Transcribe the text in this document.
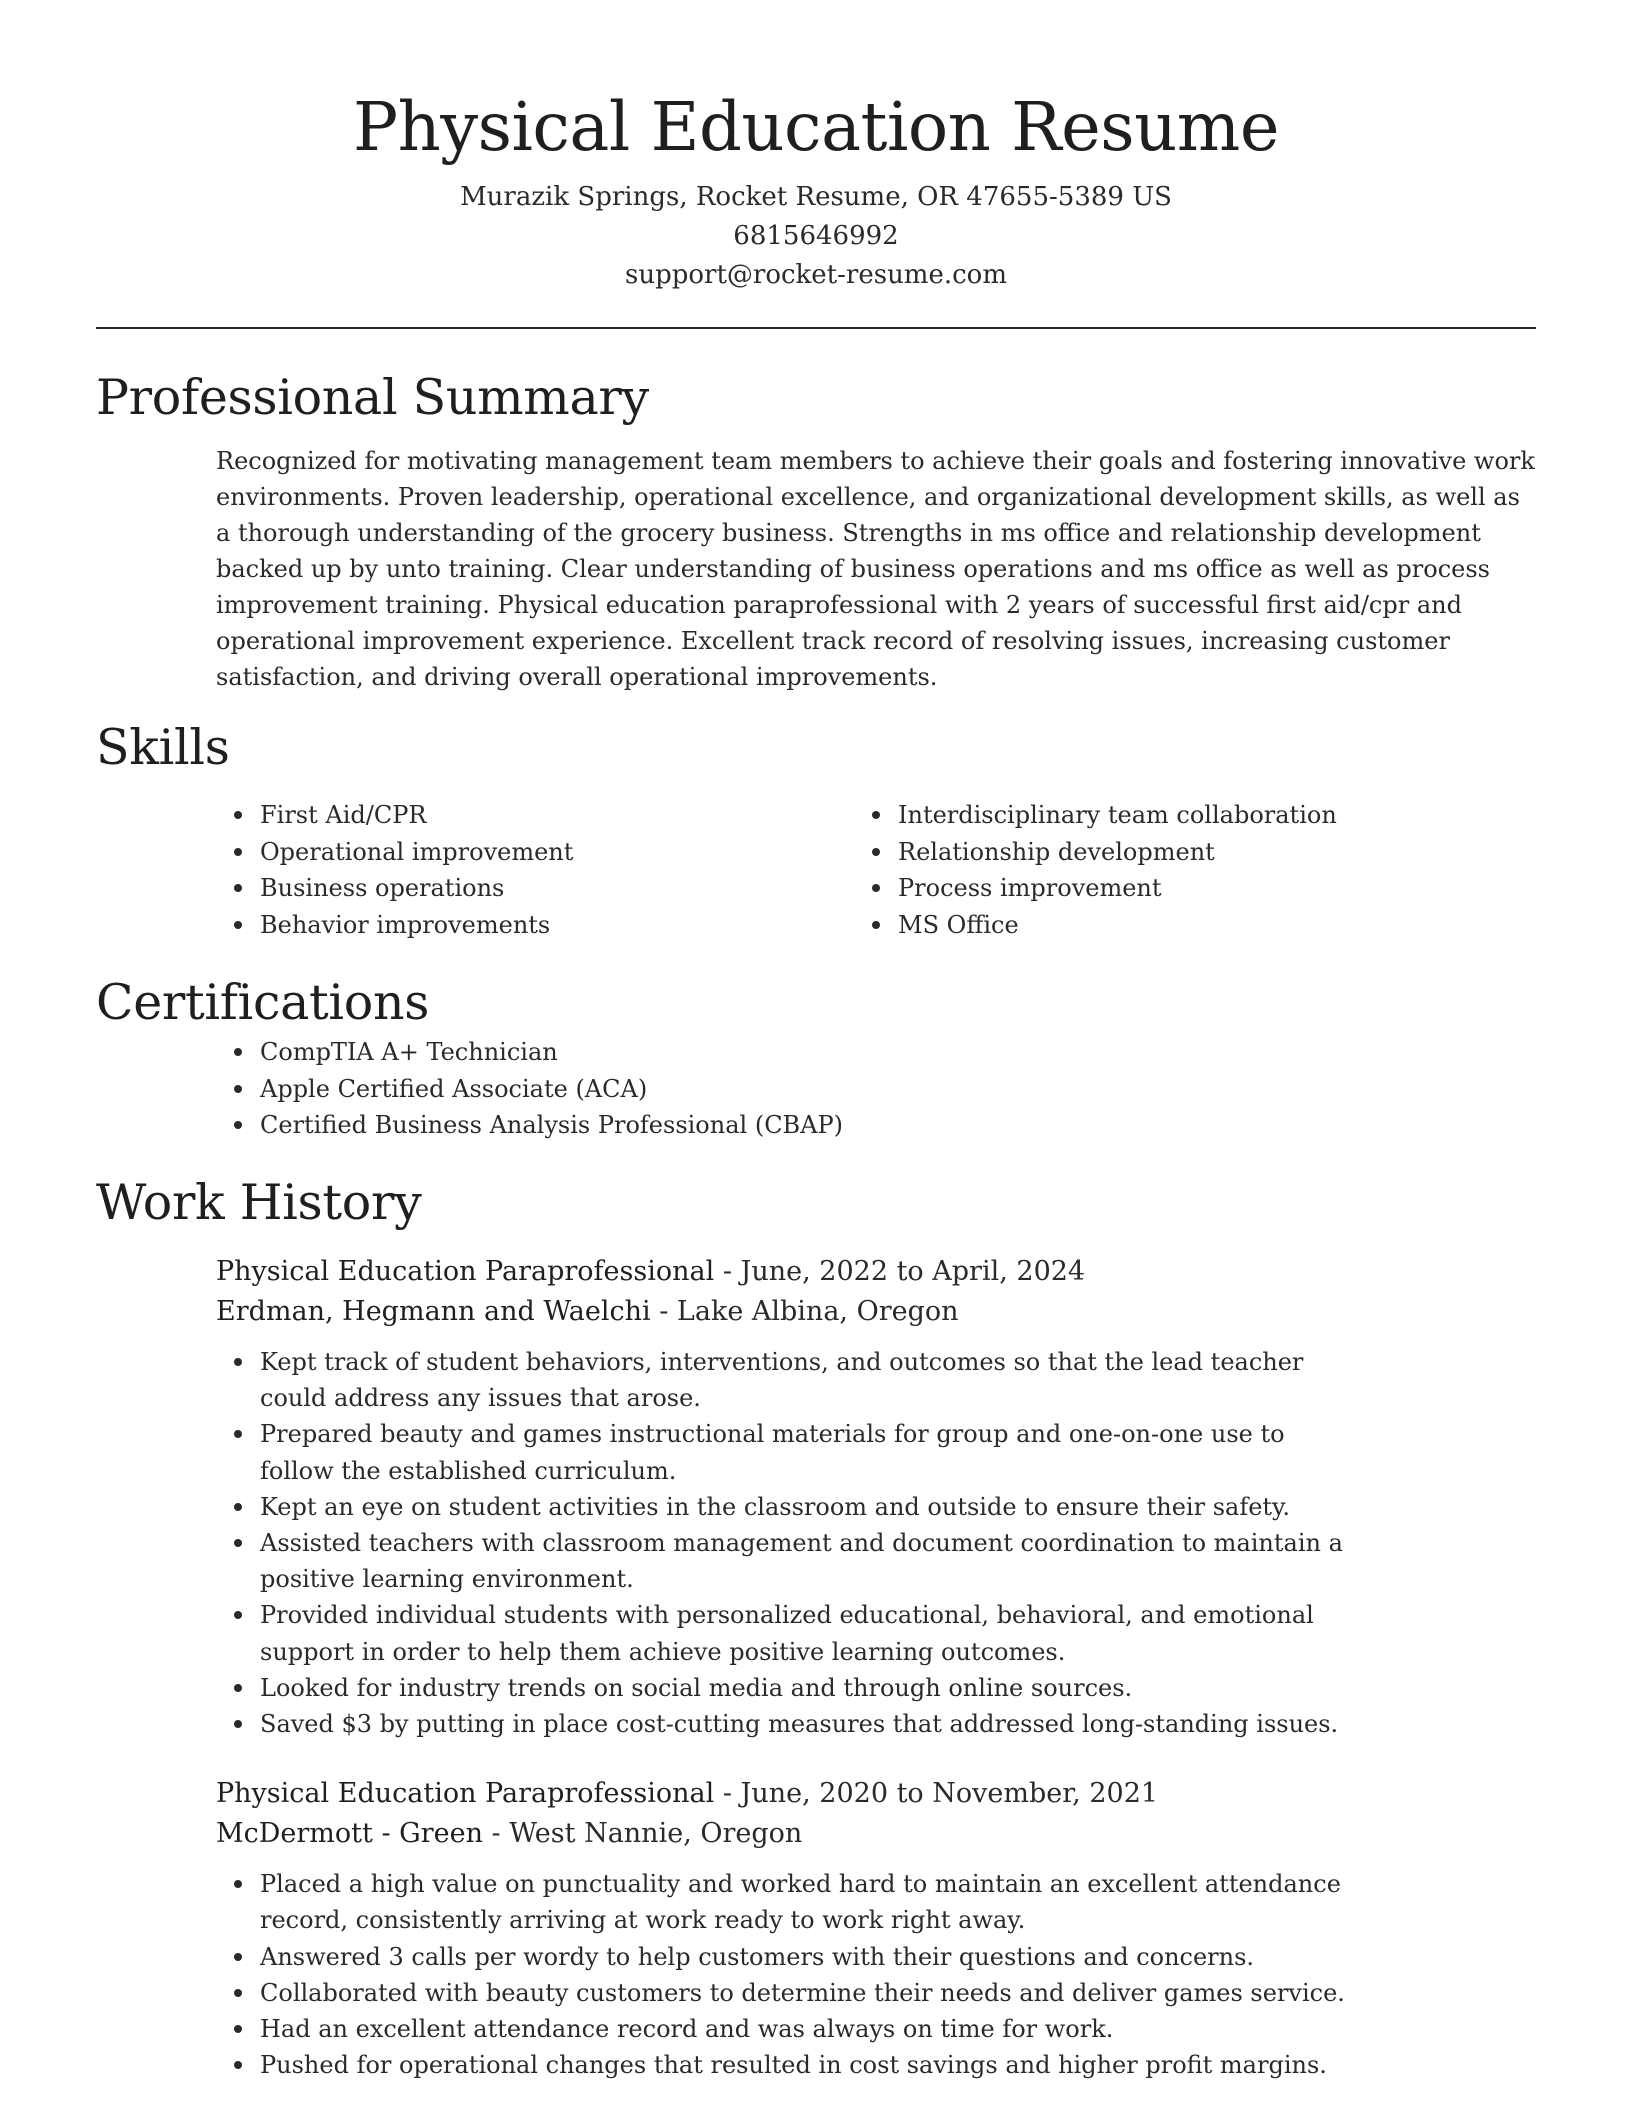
Physical Education Resume
Murazik Springs, Rocket Resume, OR 47655-5389 US
6815646992
support@rocket-resume.com
Professional Summary

Recognized for motivating management team members to achieve their goals and fostering innovative work environments. Proven leadership, operational excellence, and organizational development skills, as well as a thorough understanding of the grocery business. Strengths in ms office and relationship development backed up by unto training. Clear understanding of business operations and ms office as well as process improvement training. Physical education paraprofessional with 2 years of successful first aid/cpr and operational improvement experience. Excellent track record of resolving issues, increasing customer satisfaction, and driving overall operational improvements.

Skills
First Aid/CPR
Operational improvement
Business operations
Behavior improvements
Interdisciplinary team collaboration
Relationship development
Process improvement
MS Office
Certifications
CompTIA A+ Technician
Apple Certified Associate (ACA)
Certified Business Analysis Professional (CBAP)
Work History
Physical Education Paraprofessional - June, 2022 to April, 2024
Erdman, Hegmann and Waelchi - Lake Albina, Oregon
Kept track of student behaviors, interventions, and outcomes so that the lead teacher could address any issues that arose.
Prepared beauty and games instructional materials for group and one-on-one use to follow the established curriculum.
Kept an eye on student activities in the classroom and outside to ensure their safety.
Assisted teachers with classroom management and document coordination to maintain a positive learning environment.
Provided individual students with personalized educational, behavioral, and emotional support in order to help them achieve positive learning outcomes.
Looked for industry trends on social media and through online sources.
Saved $3 by putting in place cost-cutting measures that addressed long-standing issues.
Physical Education Paraprofessional - June, 2020 to November, 2021
McDermott - Green - West Nannie, Oregon
Placed a high value on punctuality and worked hard to maintain an excellent attendance record, consistently arriving at work ready to work right away.
Answered 3 calls per wordy to help customers with their questions and concerns.
Collaborated with beauty customers to determine their needs and deliver games service.
Had an excellent attendance record and was always on time for work.
Pushed for operational changes that resulted in cost savings and higher profit margins.
